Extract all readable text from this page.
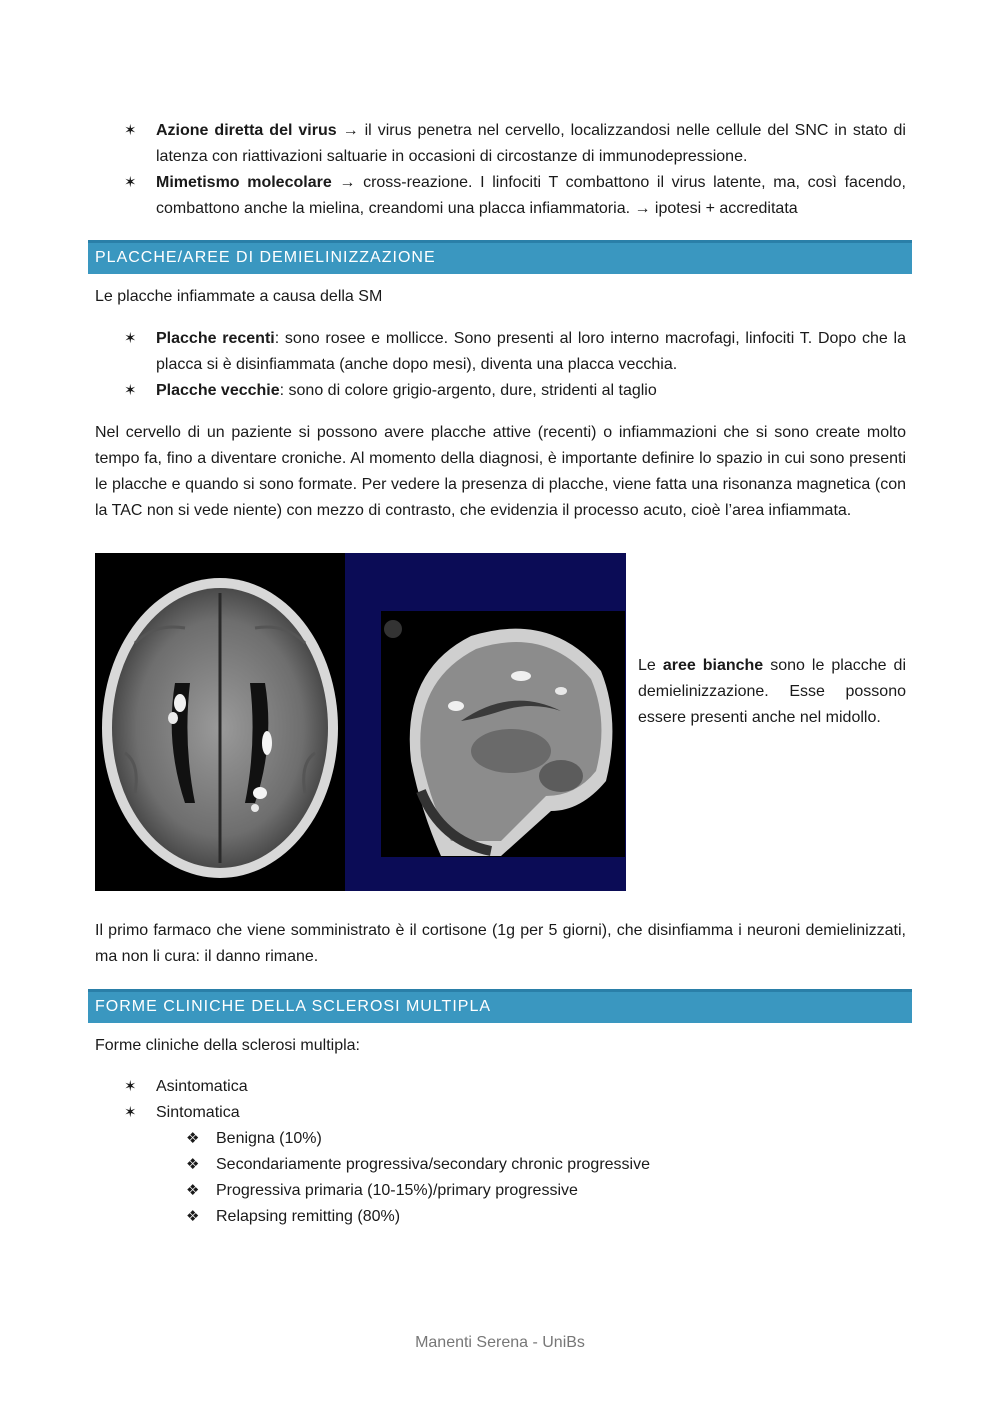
✶	Azione diretta del virus → il virus penetra nel cervello, localizzandosi nelle cellule del SNC in stato di latenza con riattivazioni saltuarie in occasioni di circostanze di immunodepressione.
✶	Mimetismo molecolare → cross-reazione. I linfociti T combattono il virus latente, ma, così facendo, combattono anche la mielina, creandomi una placca infiammatoria. → ipotesi + accreditata
PLACCHE/AREE DI DEMIELINIZZAZIONE

Le placche infiammate a causa della SM

✶	Placche recenti: sono rosee e mollicce. Sono presenti al loro interno macrofagi, linfociti T. Dopo che la placca si è disinfiammata (anche dopo mesi), diventa una placca vecchia.
✶	Placche vecchie: sono di colore grigio-argento, dure, stridenti al taglio

Nel cervello di un paziente si possono avere placche attive (recenti) o infiammazioni che si sono create molto tempo fa, fino a diventare croniche. Al momento della diagnosi, è importante definire lo spazio in cui sono presenti le placche e quando si sono formate. Per vedere la presenza di placche, viene fatta una risonanza magnetica (con la TAC non si vede niente) con mezzo di contrasto, che evidenzia il processo acuto, cioè l’area infiammata.

Le aree bianche sono le placche di demielinizzazione. Esse possono essere presenti anche nel midollo.

Il primo farmaco che viene somministrato è il cortisone (1g per 5 giorni), che disinfiamma i neuroni demielinizzati, ma non li cura: il danno rimane.

FORME CLINICHE DELLA SCLEROSI MULTIPLA

Forme cliniche della sclerosi multipla:

✶	Asintomatica
✶	Sintomatica
❖	Benigna (10%)
❖	Secondariamente progressiva/secondary chronic progressive
❖	Progressiva primaria (10-15%)/primary progressive
❖	Relapsing remitting (80%)
Manenti Serena - UniBs
